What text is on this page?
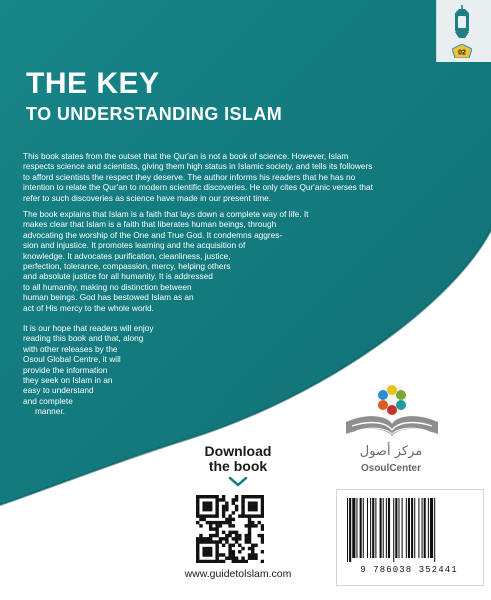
02
THE KEY
TO UNDERSTANDING ISLAM
This book states from the outset that the Qur'an is not a book of science. However, Islam
respects science and scientists, giving them high status in Islamic society, and tells its followers
to afford scientists the respect they deserve. The author informs his readers that he has no
intention to relate the Qur'an to modern scientific discoveries. He only cites Qur'anic verses that
refer to such discoveries as science have made in our present time.
The book explains that Islam is a faith that lays down a complete way of life. It
makes clear that Islam is a faith that liberates human beings, through
advocating the worship of the One and True God. It condemns aggres-
sion and injustice. It promotes learning and the acquisition of
knowledge. It advocates purification, cleanliness, justice,
perfection, tolerance, compassion, mercy, helping others
and absolute justice for all humanity. It is addressed
to all humanity, making no distinction between
human beings. God has bestowed Islam as an
act of His mercy to the whole world.
It is our hope that readers will enjoy
reading this book and that, along
with other releases by the
Osoul Global Centre, it will
provide the information
they seek on Islam in an
easy to understand
and complete
manner.
مركز أصول
OsoulCenter
Download
the book
www.guidetolslam.com	9 786038 352441
